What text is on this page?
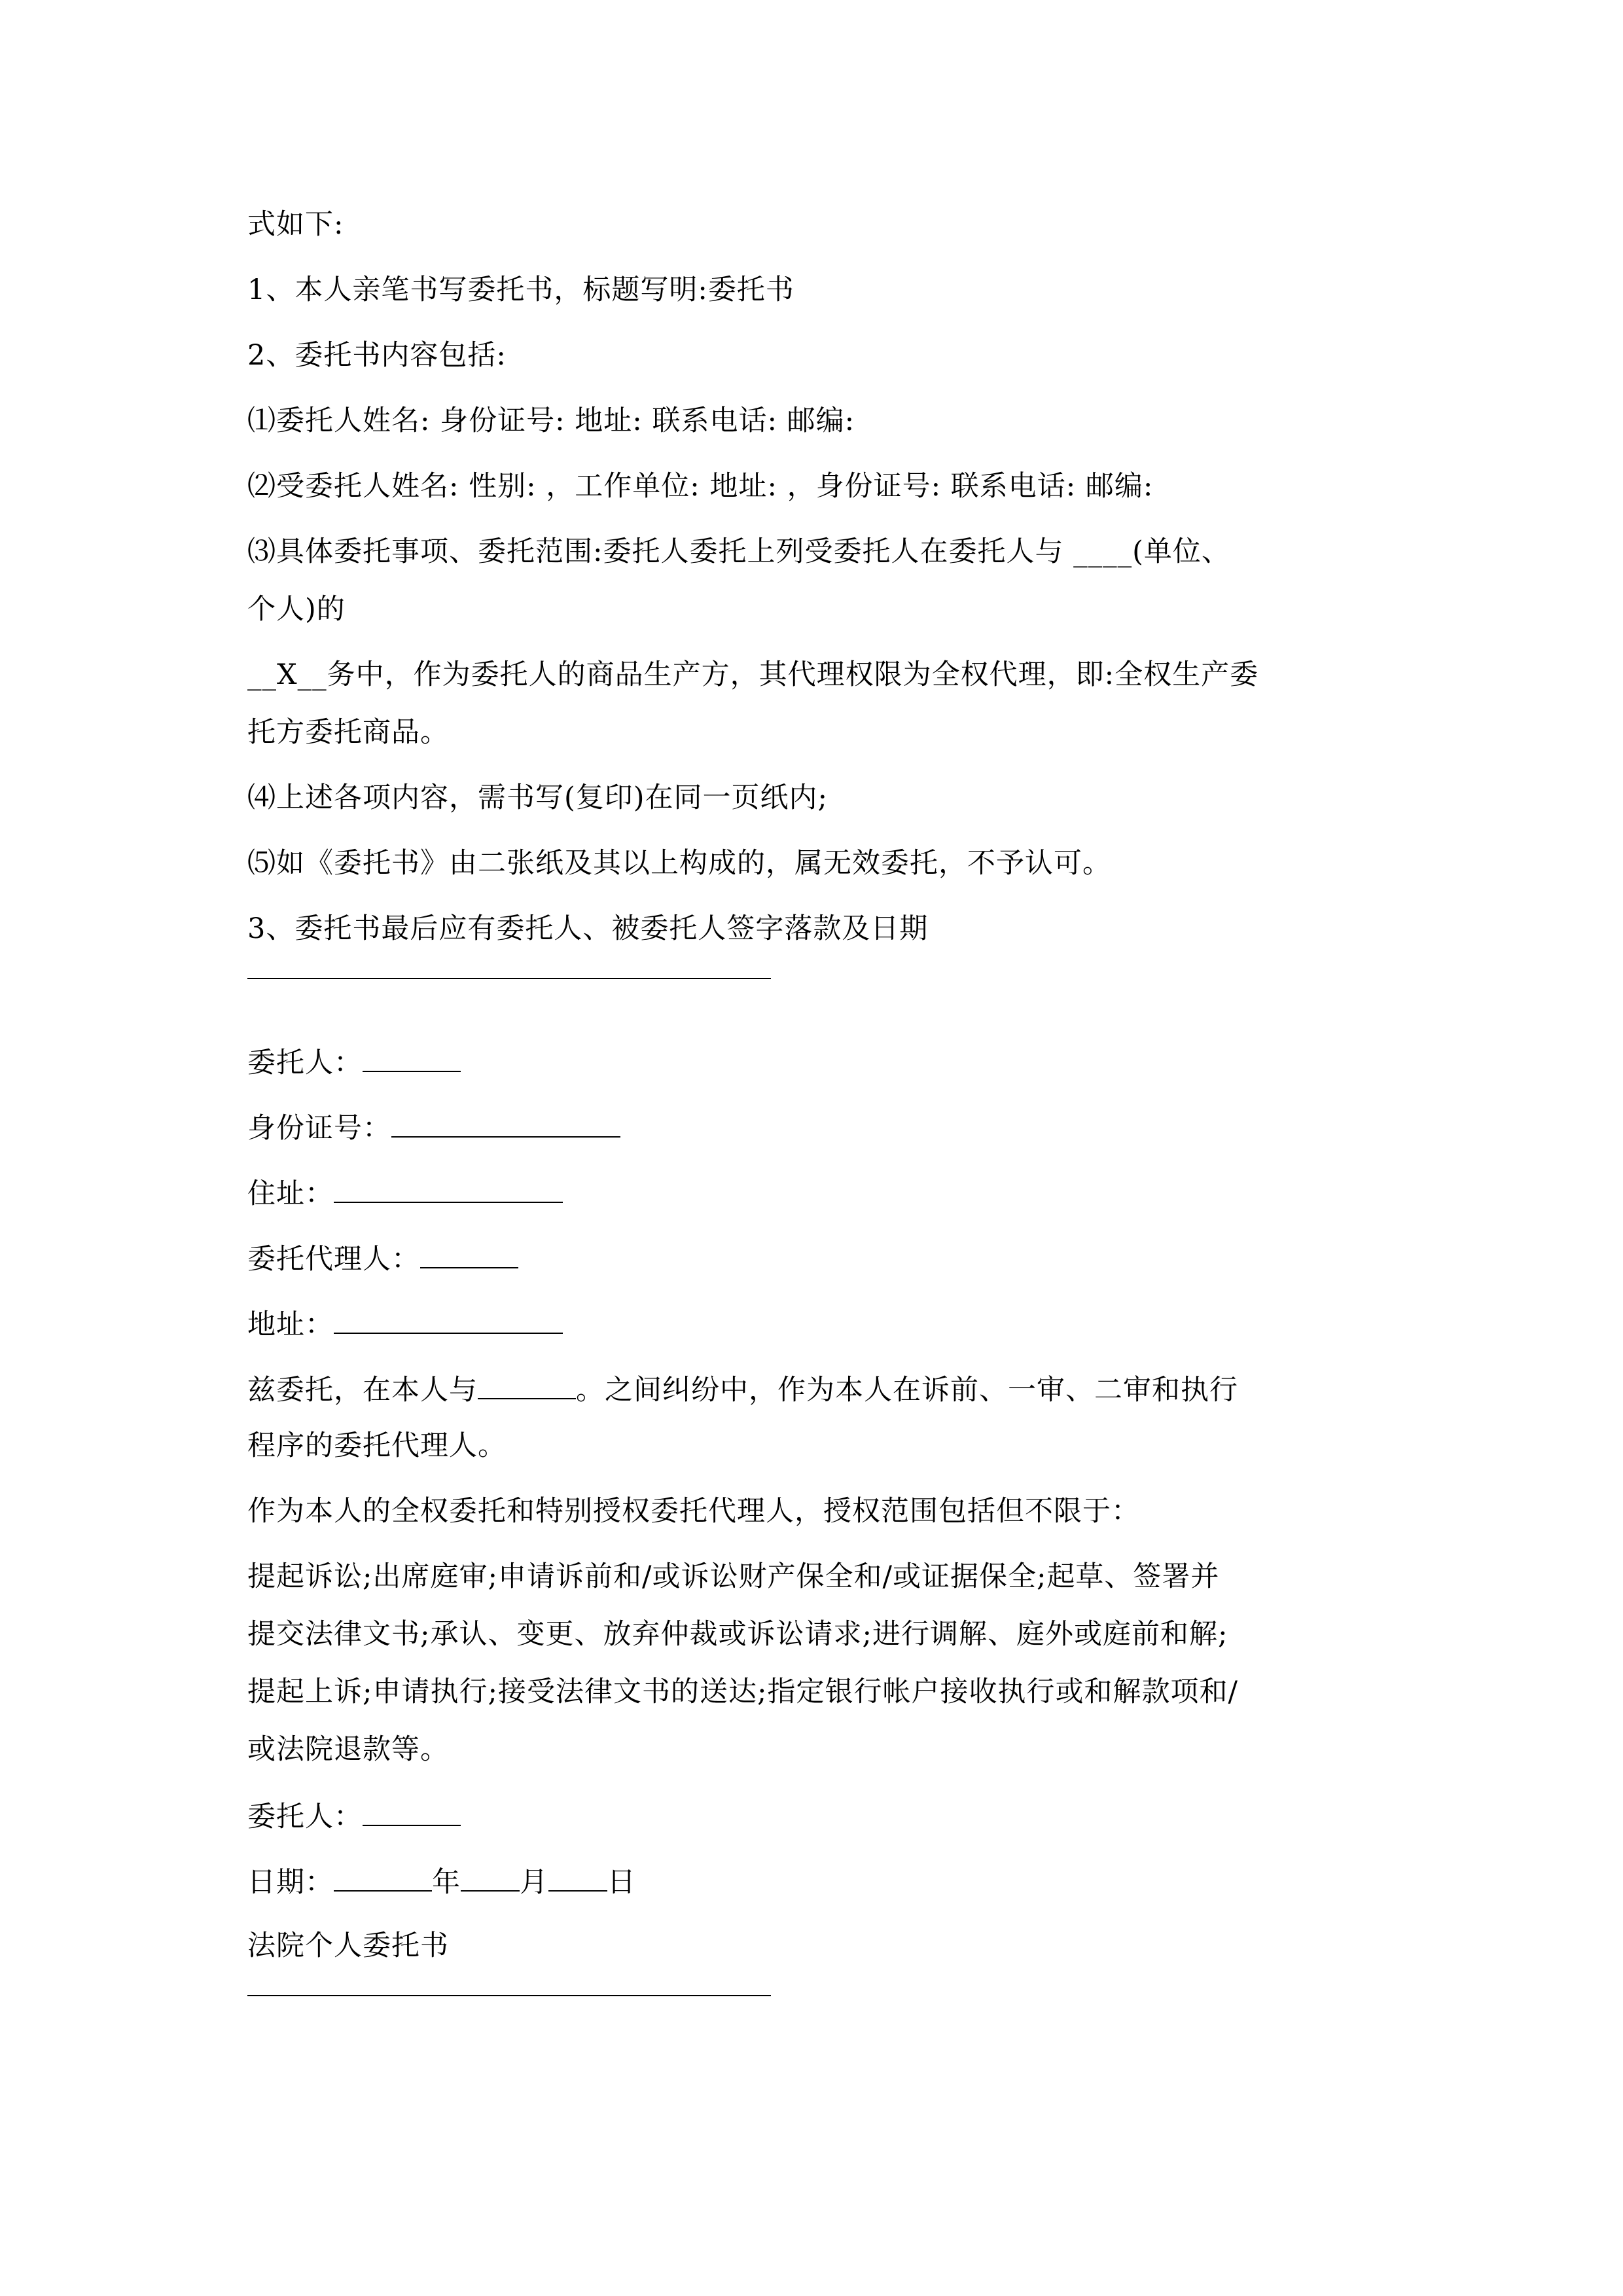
式如下:
1、本人亲笔书写委托书，标题写明:委托书
2、委托书内容包括:
⑴委托人姓名: 身份证号: 地址: 联系电话: 邮编:
⑵受委托人姓名: 性别: ，工作单位: 地址: ，身份证号: 联系电话: 邮编:
⑶具体委托事项、委托范围:委托人委托上列受委托人在委托人与 ____(单位、
个人)的
__X__务中，作为委托人的商品生产方，其代理权限为全权代理，即:全权生产委
托方委托商品。
⑷上述各项内容，需书写(复印)在同一页纸内;
⑸如《委托书》由二张纸及其以上构成的，属无效委托，不予认可。
3、委托书最后应有委托人、被委托人签字落款及日期
委托人：
身份证号：
住址：
委托代理人：
地址：
兹委托，在本人与	。之间纠纷中，作为本人在诉前、一审、二审和执行
程序的委托代理人。
作为本人的全权委托和特别授权委托代理人，授权范围包括但不限于：
提起诉讼;出席庭审;申请诉前和/或诉讼财产保全和/或证据保全;起草、签署并
提交法律文书;承认、变更、放弃仲裁或诉讼请求;进行调解、庭外或庭前和解;
提起上诉;申请执行;接受法律文书的送达;指定银行帐户接收执行或和解款项和/
或法院退款等。
委托人：
日期：	年 月 日
法院个人委托书
